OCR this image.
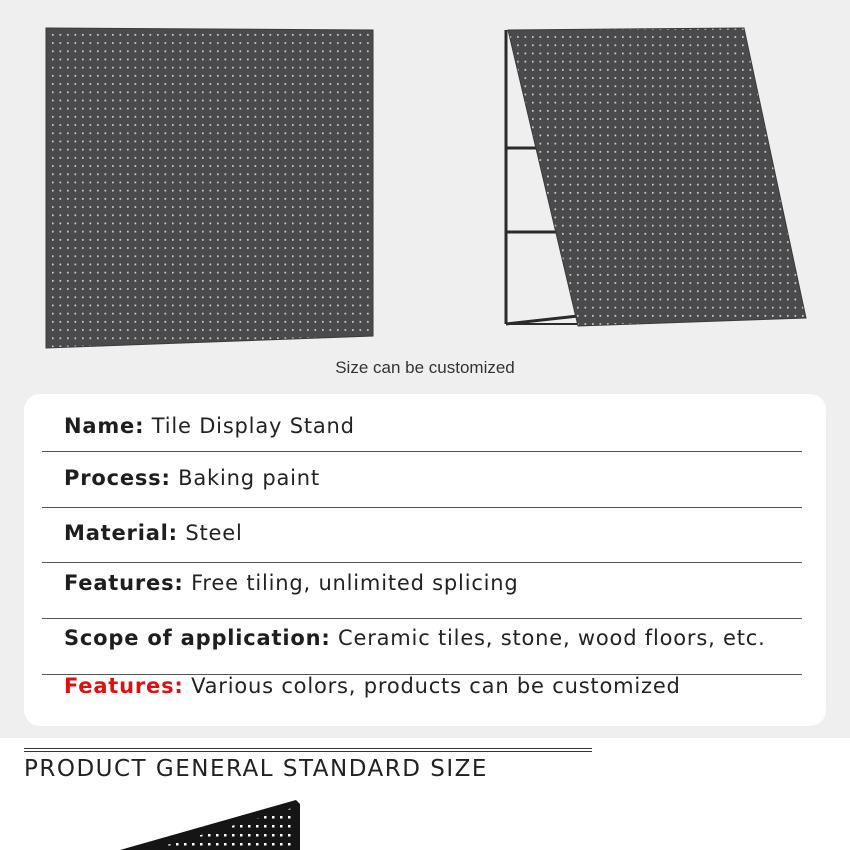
Size can be customized
Name: Tile Display Stand
Process: Baking paint
Material: Steel
Features: Free tiling, unlimited splicing
Scope of application: Ceramic tiles, stone, wood floors, etc.
Features: Various colors, products can be customized
PRODUCT GENERAL STANDARD SIZE
